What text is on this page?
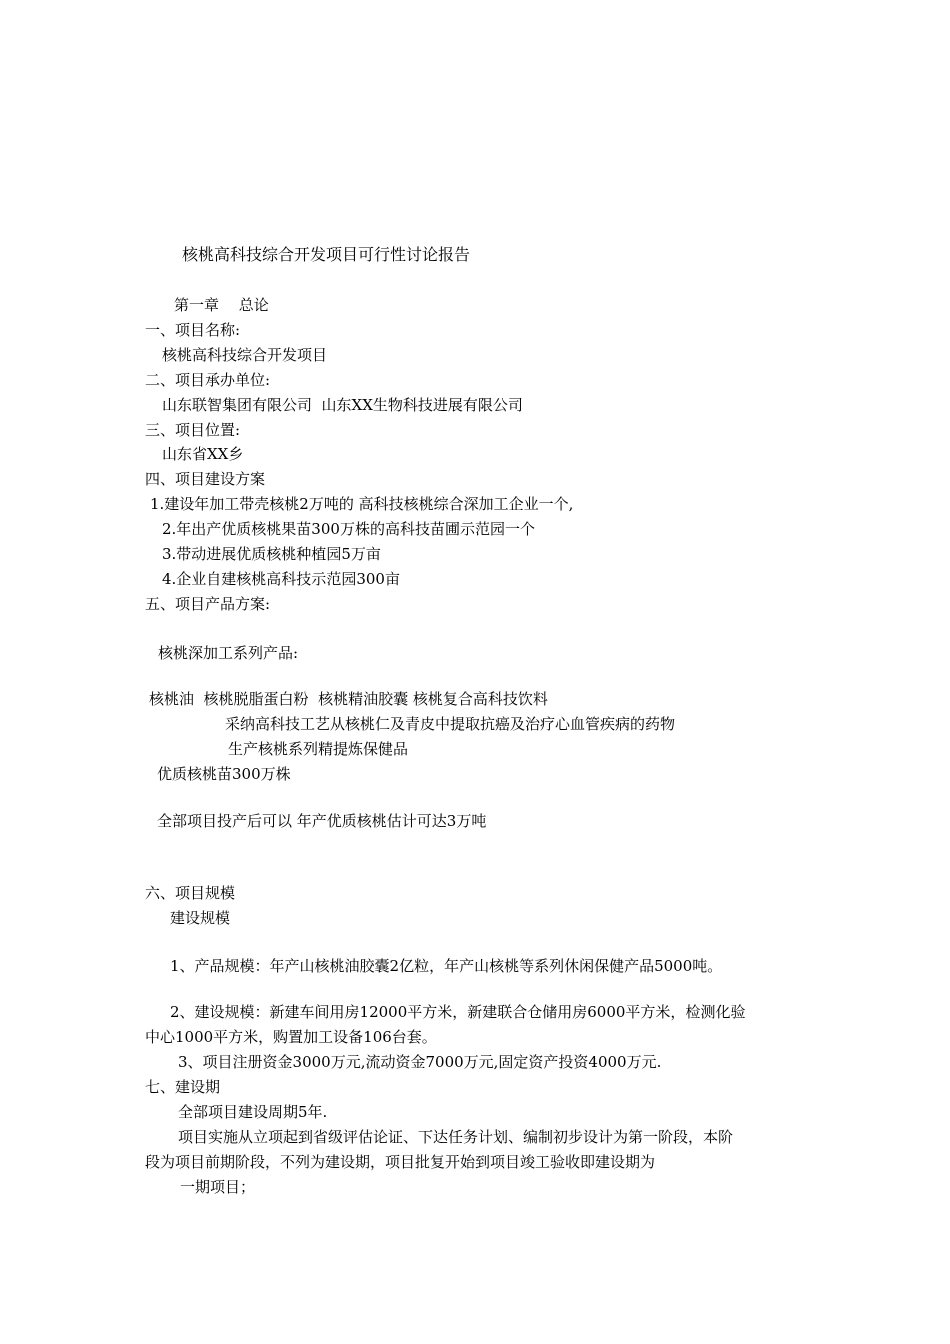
核桃高科技综合开发项目可行性讨论报告
第一章　 总论
一、项目名称:
核桃高科技综合开发项目
二、项目承办单位:
山东联智集团有限公司  山东XX生物科技进展有限公司
三、项目位置:
山东省XX乡
四、项目建设方案
1.建设年加工带壳核桃2万吨的 高科技核桃综合深加工企业一个,
2.年出产优质核桃果苗300万株的高科技苗圃示范园一个
3.带动进展优质核桃种植园5万亩
4.企业自建核桃高科技示范园300亩
五、项目产品方案:
核桃深加工系列产品:
核桃油  核桃脱脂蛋白粉  核桃精油胶囊 核桃复合高科技饮料
采纳高科技工艺从核桃仁及青皮中提取抗癌及治疗心血管疾病的药物
生产核桃系列精提炼保健品
优质核桃苗300万株
全部项目投产后可以 年产优质核桃估计可达3万吨
六、项目规模
建设规模
1、产品规模：年产山核桃油胶囊2亿粒，年产山核桃等系列休闲保健产品5000吨。
2、建设规模：新建车间用房12000平方米，新建联合仓储用房6000平方米，检测化验
中心1000平方米，购置加工设备106台套。
3、项目注册资金3000万元,流动资金7000万元,固定资产投资4000万元.
七、建设期
全部项目建设周期5年.
项目实施从立项起到省级评估论证、下达任务计划、编制初步设计为第一阶段，本阶
段为项目前期阶段，不列为建设期，项目批复开始到项目竣工验收即建设期为
一期项目；
